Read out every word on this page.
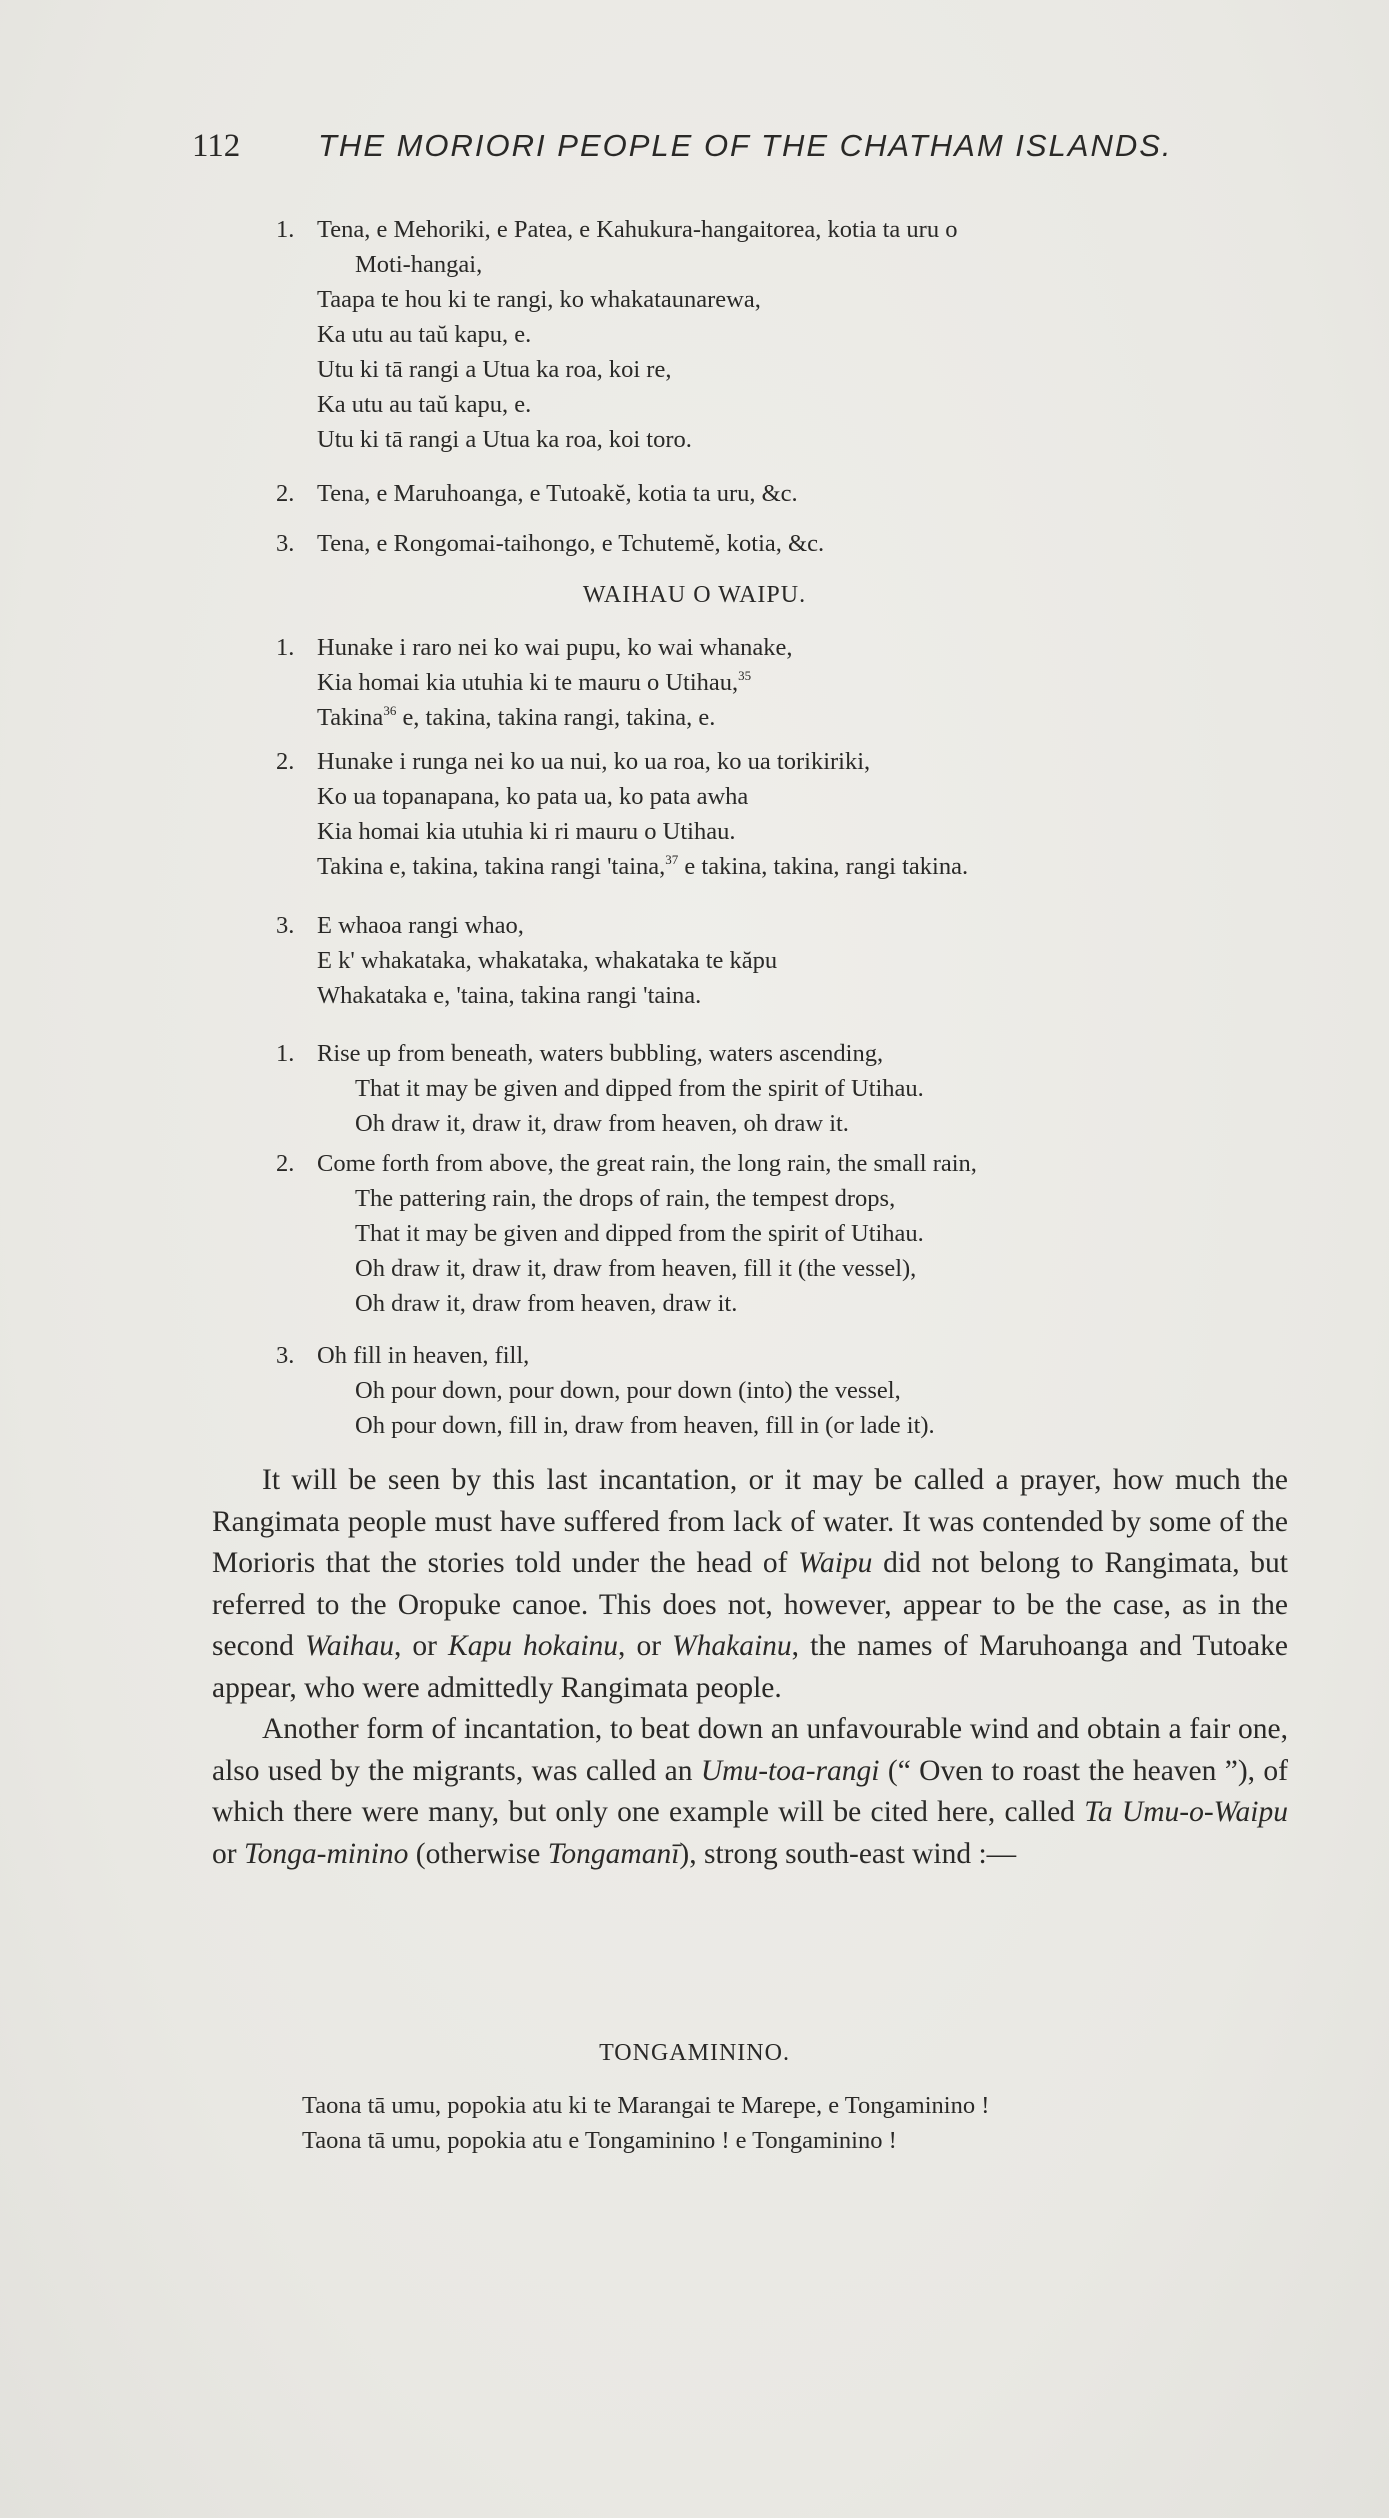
112	THE MORIORI PEOPLE OF THE CHATHAM ISLANDS.
1. Tena, e Mehoriki, e Patea, e Kahukura-hangaitorea, kotia ta uru o
Moti-hangai,
Taapa te hou ki te rangi, ko whakataunarewa,
Ka utu au taŭ kapu, e.
Utu ki tā rangi a Utua ka roa, koi re,
Ka utu au taŭ kapu, e.
Utu ki tā rangi a Utua ka roa, koi toro.
2. Tena, e Maruhoanga, e Tutoakĕ, kotia ta uru, &c.
3. Tena, e Rongomai-taihongo, e Tchutemĕ, kotia, &c.
WAIHAU O WAIPU.
1. Hunake i raro nei ko wai pupu, ko wai whanake,
Kia homai kia utuhia ki te mauru o Utihau,$^{35}$
Takina$^{36}$ e, takina, takina rangi, takina, e.
2. Hunake i runga nei ko ua nui, ko ua roa, ko ua torikiriki,
Ko ua topanapana, ko pata ua, ko pata awha
Kia homai kia utuhia ki ri mauru o Utihau.
Takina e, takina, takina rangi 'taina,$^{37}$ e takina, takina, rangi takina.
3. E whaoa rangi whao,
E k' whakataka, whakataka, whakataka te kăpu
Whakataka e, 'taina, takina rangi 'taina.
1. Rise up from beneath, waters bubbling, waters ascending,
That it may be given and dipped from the spirit of Utihau.
Oh draw it, draw it, draw from heaven, oh draw it.
2. Come forth from above, the great rain, the long rain, the small rain,
The pattering rain, the drops of rain, the tempest drops,
That it may be given and dipped from the spirit of Utihau.
Oh draw it, draw it, draw from heaven, fill it (the vessel),
Oh draw it, draw from heaven, draw it.
3. Oh fill in heaven, fill,
Oh pour down, pour down, pour down (into) the vessel,
Oh pour down, fill in, draw from heaven, fill in (or lade it).

It will be seen by this last incantation, or it may be called a prayer, how much the Rangimata people must have suffered from lack of water. It was contended by some of the Morioris that the stories told under the head of Waipu did not belong to Rangimata, but referred to the Oropuke canoe. This does not, however, appear to be the case, as in the second Waihau, or Kapu hokainu, or Whakainu, the names of Maruhoanga and Tutoake appear, who were admittedly Rangimata people.

Another form of incantation, to beat down an unfavourable wind and obtain a fair one, also used by the migrants, was called an Umu-toa-rangi (“ Oven to roast the heaven ”), of which there were many, but only one example will be cited here, called Ta Umu-o-Waipu or Tonga-minino (otherwise Tongamanī), strong south-east wind :—

TONGAMININO.
Taona tā umu, popokia atu ki te Marangai te Marepe, e Tongaminino !
Taona tā umu, popokia atu e Tongaminino ! e Tongaminino !
